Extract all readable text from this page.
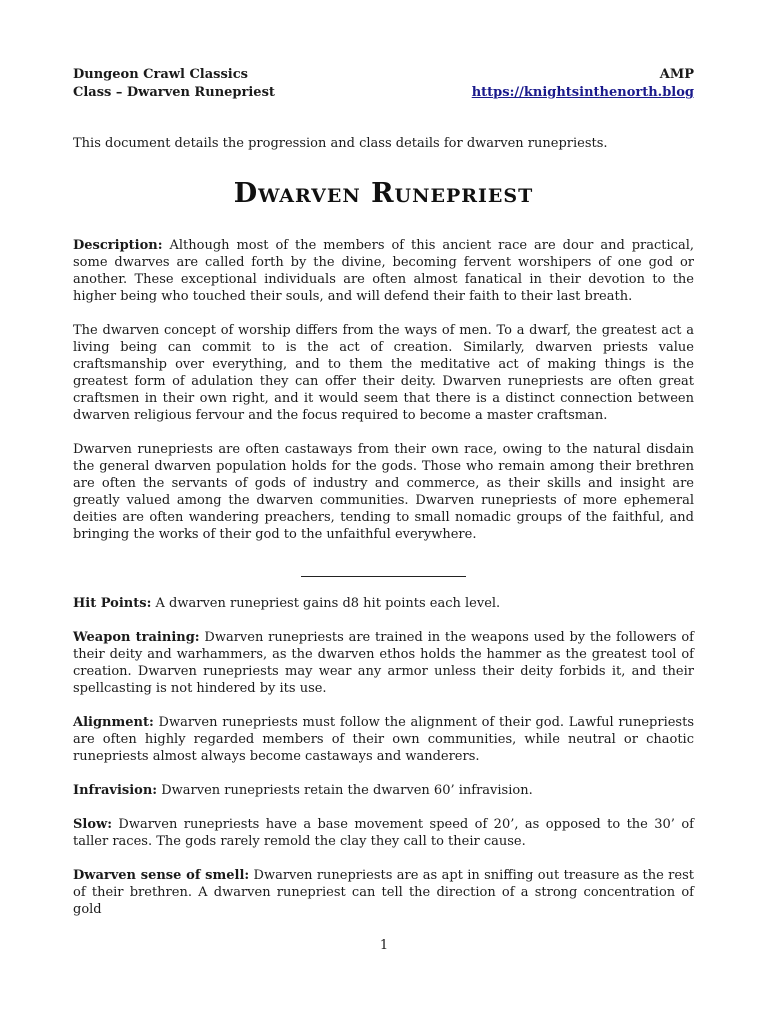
Dungeon Crawl Classics
Class – Dwarven Runepriest
AMP
https://knightsinthenorth.blog
This document details the progression and class details for dwarven runepriests.
Dwarven Runepriest
Description: Although most of the members of this ancient race are dour and practical, some dwarves are called forth by the divine, becoming fervent worshipers of one god or another. These exceptional individuals are often almost fanatical in their devotion to the higher being who touched their souls, and will defend their faith to their last breath.
The dwarven concept of worship differs from the ways of men. To a dwarf, the greatest act a living being can commit to is the act of creation. Similarly, dwarven priests value craftsmanship over everything, and to them the meditative act of making things is the greatest form of adulation they can offer their deity. Dwarven runepriests are often great craftsmen in their own right, and it would seem that there is a distinct connection between dwarven religious fervour and the focus required to become a master craftsman.
Dwarven runepriests are often castaways from their own race, owing to the natural disdain the general dwarven population holds for the gods. Those who remain among their brethren are often the servants of gods of industry and commerce, as their skills and insight are greatly valued among the dwarven communities. Dwarven runepriests of more ephemeral deities are often wandering preachers, tending to small nomadic groups of the faithful, and bringing the works of their god to the unfaithful everywhere.
Hit Points: A dwarven runepriest gains d8 hit points each level.
Weapon training: Dwarven runepriests are trained in the weapons used by the followers of their deity and warhammers, as the dwarven ethos holds the hammer as the greatest tool of creation. Dwarven runepriests may wear any armor unless their deity forbids it, and their spellcasting is not hindered by its use.
Alignment: Dwarven runepriests must follow the alignment of their god. Lawful runepriests are often highly regarded members of their own communities, while neutral or chaotic runepriests almost always become castaways and wanderers.
Infravision: Dwarven runepriests retain the dwarven 60’ infravision.
Slow: Dwarven runepriests have a base movement speed of 20’, as opposed to the 30’ of taller races. The gods rarely remold the clay they call to their cause.
Dwarven sense of smell: Dwarven runepriests are as apt in sniffing out treasure as the rest of their brethren. A dwarven runepriest can tell the direction of a strong concentration of gold
1
